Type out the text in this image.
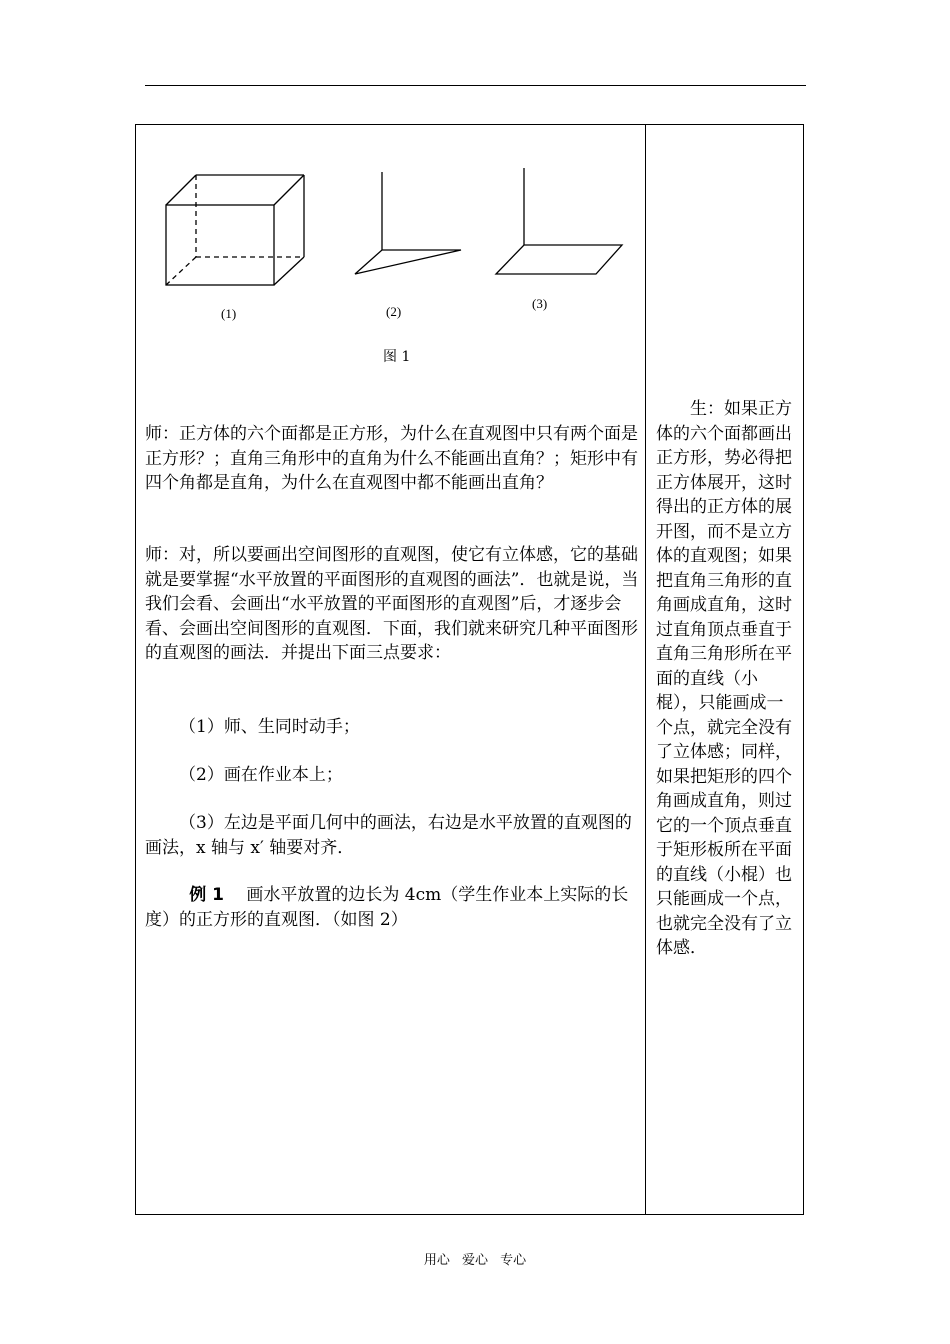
(1)	(2)
(3)
图 1

师：正方体的六个面都是正方形，为什么在直观图中只有两个面是正方形？；直角三角形中的直角为什么不能画出直角？；矩形中有四个角都是直角，为什么在直观图中都不能画出直角？

师：对，所以要画出空间图形的直观图，使它有立体感，它的基础就是要掌握“水平放置的平面图形的直观图的画法”．也就是说，当我们会看、会画出“水平放置的平面图形的直观图”后，才逐步会看、会画出空间图形的直观图．下面，我们就来研究几种平面图形的直观图的画法．并提出下面三点要求：

（1）师、生同时动手；

（2）画在作业本上；

（3）左边是平面几何中的画法，右边是水平放置的直观图的画法，x 轴与 x′ 轴要对齐．

例 1　 画水平放置的边长为 4cm（学生作业本上实际的长度）的正方形的直观图．（如图 2）

生：如果正方体的六个面都画出正方形，势必得把正方体展开，这时得出的正方体的展开图，而不是立方体的直观图；如果把直角三角形的直角画成直角，这时过直角顶点垂直于直角三角形所在平面的直线（小棍），只能画成一个点，就完全没有了立体感；同样，如果把矩形的四个角画成直角，则过它的一个顶点垂直于矩形板所在平面的直线（小棍）也只能画成一个点，也就完全没有了立体感．

用心 爱心 专心
